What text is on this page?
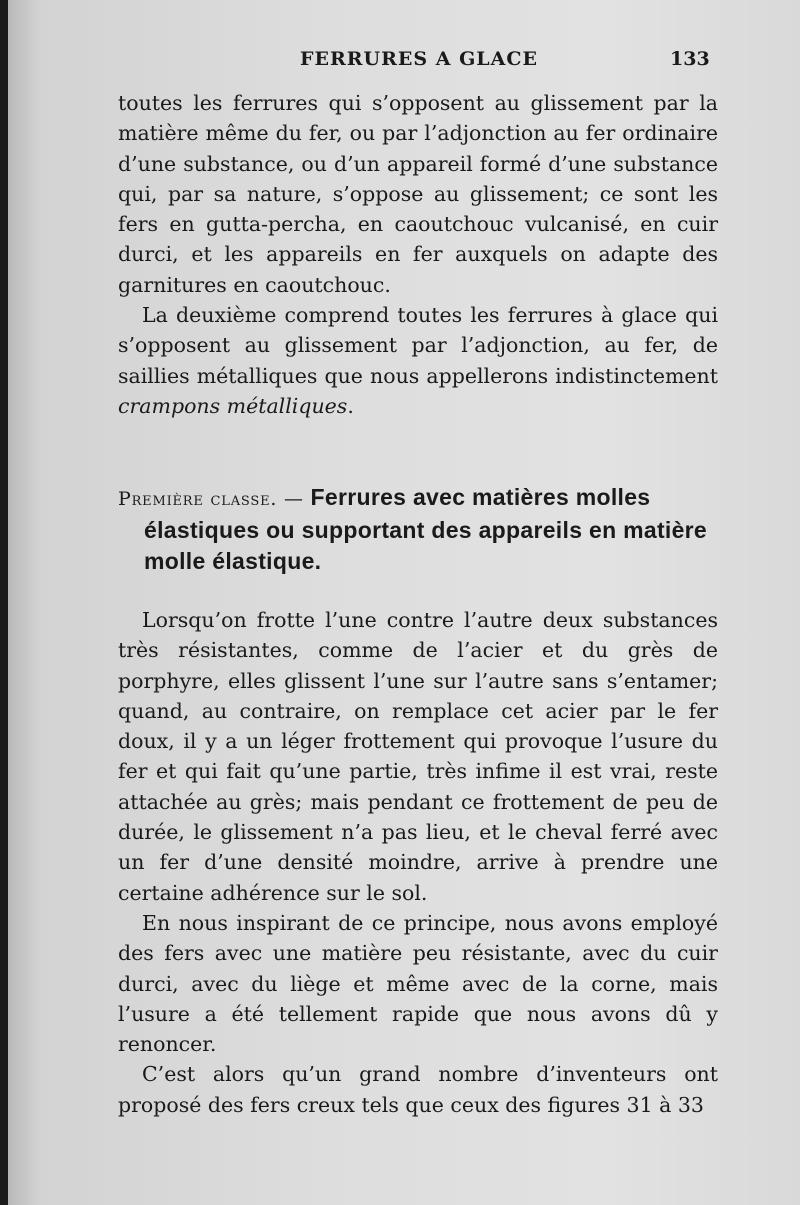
FERRURES A GLACE	133

toutes les ferrures qui s’opposent au glissement par la matière même du fer, ou par l’adjonction au fer ordinaire d’une substance, ou d’un appareil formé d’une substance qui, par sa nature, s’oppose au glissement; ce sont les fers en gutta-percha, en caoutchouc vulcanisé, en cuir durci, et les appareils en fer auxquels on adapte des garnitures en caoutchouc.

La deuxième comprend toutes les ferrures à glace qui s’opposent au glissement par l’adjonction, au fer, de saillies métalliques que nous appellerons indistinctement crampons métalliques.

Première classe. — Ferrures avec matières molles
élastiques ou supportant des appareils en matière molle élastique.

Lorsqu’on frotte l’une contre l’autre deux substances très résistantes, comme de l’acier et du grès de porphyre, elles glissent l’une sur l’autre sans s’entamer; quand, au contraire, on remplace cet acier par le fer doux, il y a un léger frottement qui provoque l’usure du fer et qui fait qu’une partie, très infime il est vrai, reste attachée au grès; mais pendant ce frottement de peu de durée, le glissement n’a pas lieu, et le cheval ferré avec un fer d’une densité moindre, arrive à prendre une certaine adhérence sur le sol.

En nous inspirant de ce principe, nous avons employé des fers avec une matière peu résistante, avec du cuir durci, avec du liège et même avec de la corne, mais l’usure a été tellement rapide que nous avons dû y renoncer.

C’est alors qu’un grand nombre d’inventeurs ont proposé des fers creux tels que ceux des figures 31 à 33
